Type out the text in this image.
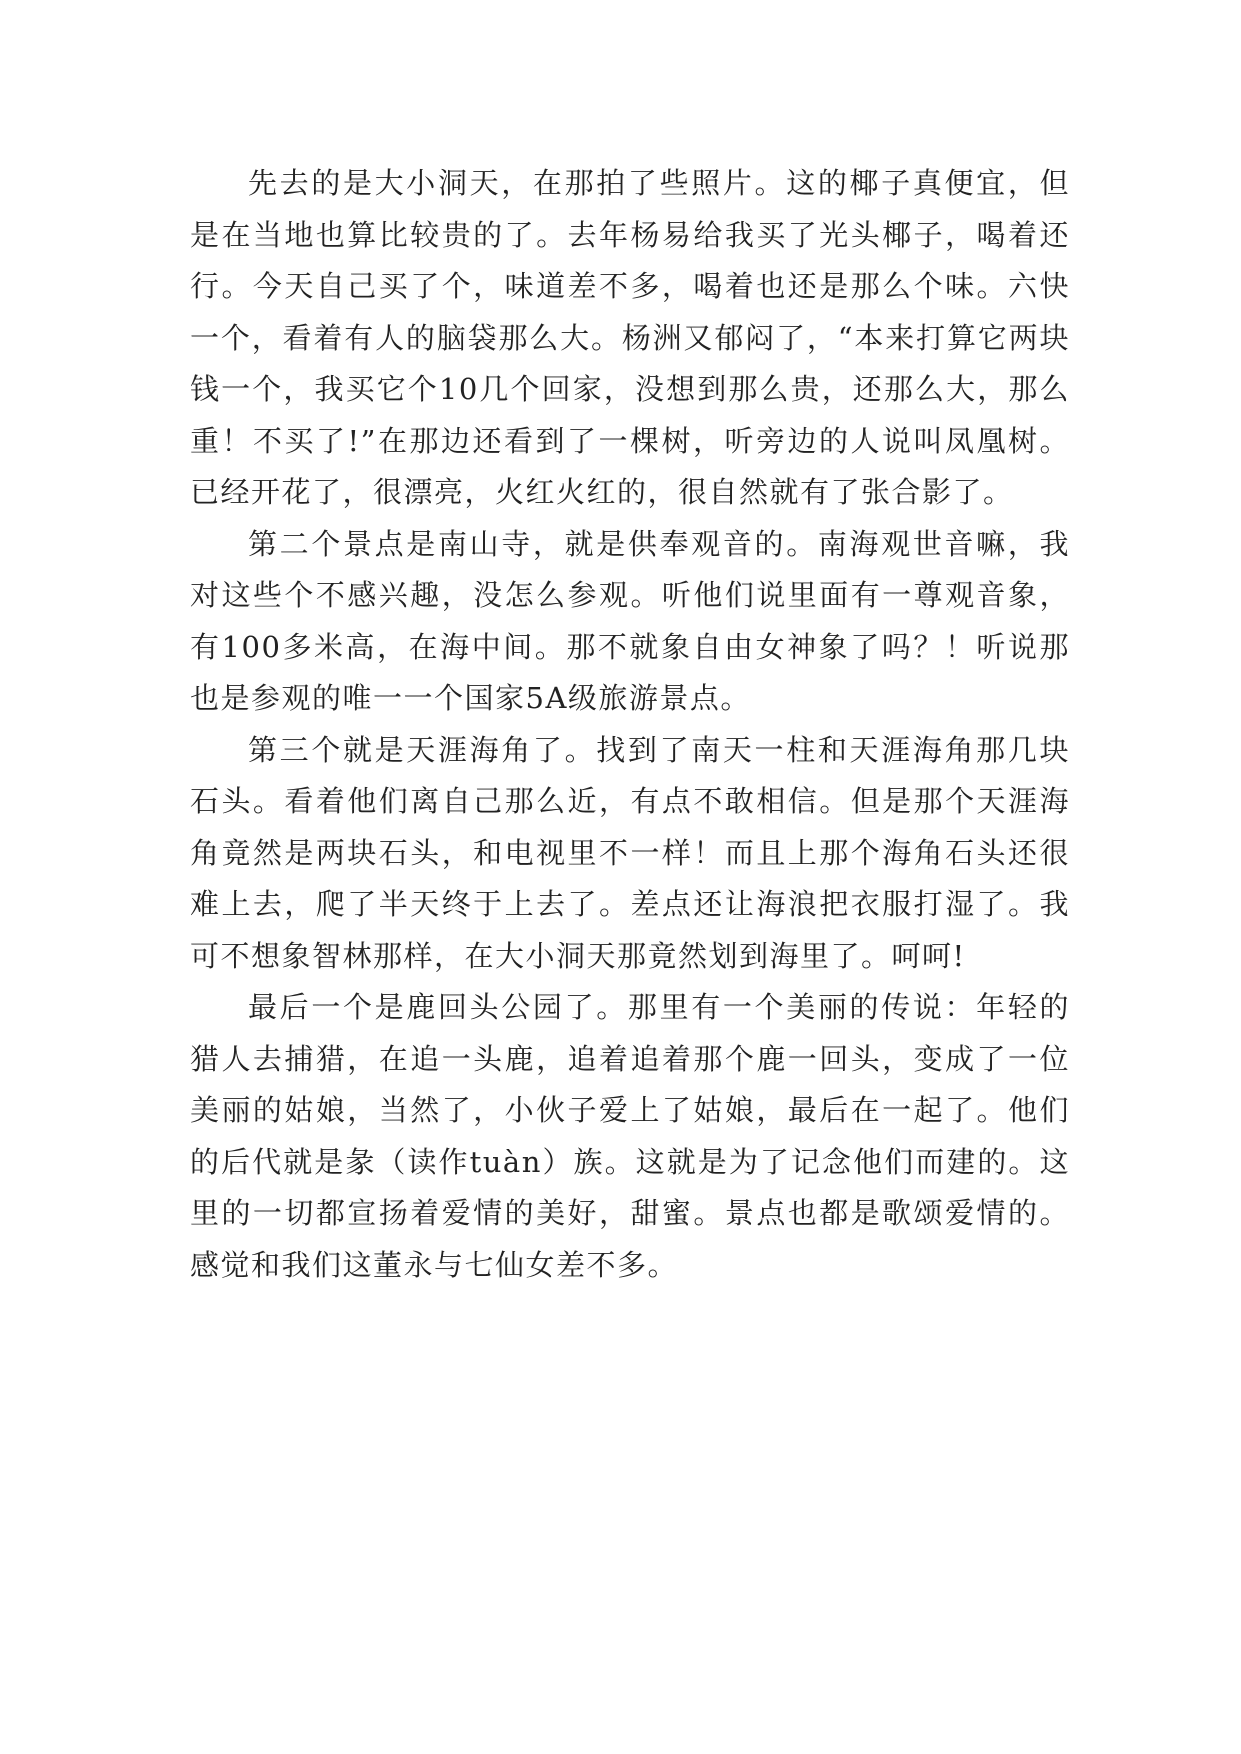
先去的是大小洞天，在那拍了些照片。这的椰子真便宜，但是在当地也算比较贵的了。去年杨易给我买了光头椰子，喝着还行。今天自己买了个，味道差不多，喝着也还是那么个味。六快一个，看着有人的脑袋那么大。杨洲又郁闷了，“本来打算它两块钱一个，我买它个10几个回家，没想到那么贵，还那么大，那么重！不买了!”在那边还看到了一棵树，听旁边的人说叫凤凰树。已经开花了，很漂亮，火红火红的，很自然就有了张合影了。

第二个景点是南山寺，就是供奉观音的。南海观世音嘛，我对这些个不感兴趣，没怎么参观。听他们说里面有一尊观音象，有100多米高，在海中间。那不就象自由女神象了吗？！听说那也是参观的唯一一个国家5A级旅游景点。

第三个就是天涯海角了。找到了南天一柱和天涯海角那几块石头。看着他们离自己那么近，有点不敢相信。但是那个天涯海角竟然是两块石头，和电视里不一样！而且上那个海角石头还很难上去，爬了半天终于上去了。差点还让海浪把衣服打湿了。我可不想象智林那样，在大小洞天那竟然划到海里了。呵呵!

最后一个是鹿回头公园了。那里有一个美丽的传说：年轻的猎人去捕猎，在追一头鹿，追着追着那个鹿一回头，变成了一位美丽的姑娘，当然了，小伙子爱上了姑娘，最后在一起了。他们的后代就是彖（读作tuàn）族。这就是为了记念他们而建的。这里的一切都宣扬着爱情的美好，甜蜜。景点也都是歌颂爱情的。感觉和我们这董永与七仙女差不多。
